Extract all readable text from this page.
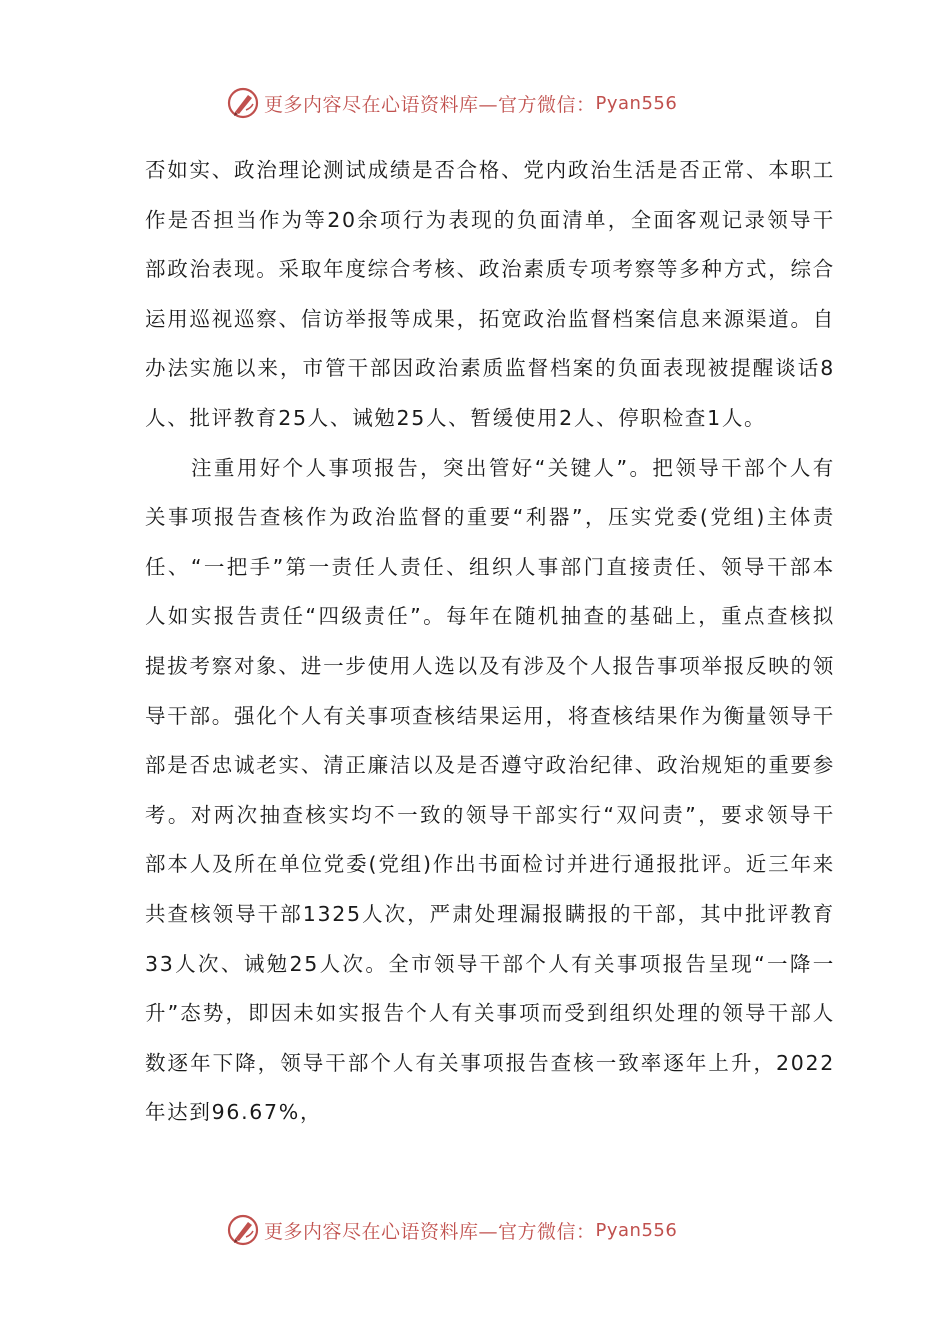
更多内容尽在心语资料库—官方微信： Pyan556

否如实、政治理论测试成绩是否合格、党内政治生活是否正常、本职工作是否担当作为等20余项行为表现的负面清单，全面客观记录领导干部政治表现。采取年度综合考核、政治素质专项考察等多种方式，综合运用巡视巡察、信访举报等成果，拓宽政治监督档案信息来源渠道。自办法实施以来，市管干部因政治素质监督档案的负面表现被提醒谈话8人、批评教育25人、诫勉25人、暂缓使用2人、停职检查1人。

注重用好个人事项报告，突出管好“关键人”。把领导干部个人有关事项报告查核作为政治监督的重要“利器”，压实党委(党组)主体责任、“一把手”第一责任人责任、组织人事部门直接责任、领导干部本人如实报告责任“四级责任”。每年在随机抽查的基础上，重点查核拟提拔考察对象、进一步使用人选以及有涉及个人报告事项举报反映的领导干部。强化个人有关事项查核结果运用，将查核结果作为衡量领导干部是否忠诚老实、清正廉洁以及是否遵守政治纪律、政治规矩的重要参考。对两次抽查核实均不一致的领导干部实行“双问责”，要求领导干部本人及所在单位党委(党组)作出书面检讨并进行通报批评。近三年来共查核领导干部1325人次，严肃处理漏报瞒报的干部，其中批评教育33人次、诫勉25人次。全市领导干部个人有关事项报告呈现“一降一升”态势，即因未如实报告个人有关事项而受到组织处理的领导干部人数逐年下降，领导干部个人有关事项报告查核一致率逐年上升，2022年达到96.67%，

更多内容尽在心语资料库—官方微信： Pyan556
